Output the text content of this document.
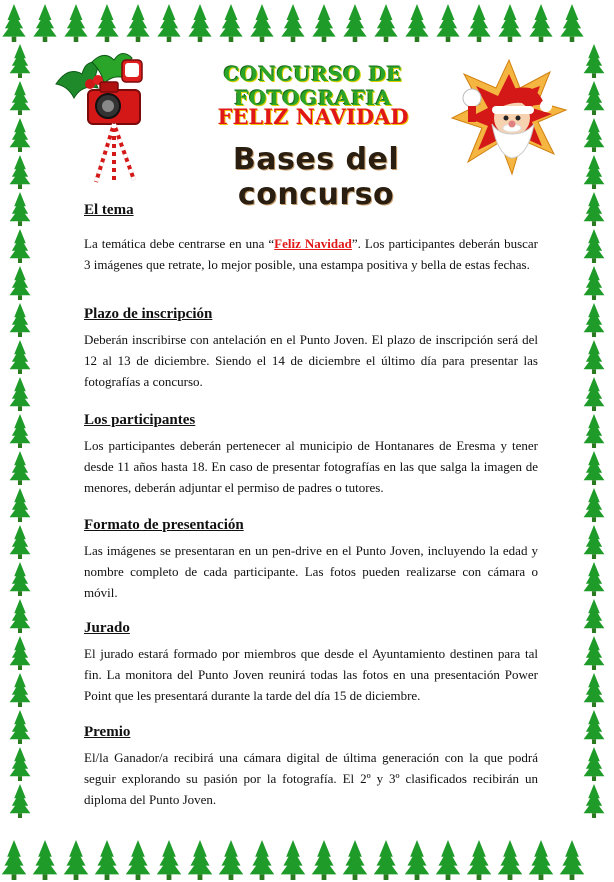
CONCURSO DE FOTOGRAFIA
FELIZ NAVIDAD
Bases del concurso
El tema

La temática debe centrarse en una “Feliz Navidad”. Los participantes deberán buscar 3 imágenes que retrate, lo mejor posible, una estampa positiva y bella de estas fechas.

Plazo de inscripción

Deberán inscribirse con antelación en el Punto Joven. El plazo de inscripción será del 12 al 13 de diciembre. Siendo el 14 de diciembre el último día para presentar las fotografías a concurso.

Los participantes

Los participantes deberán pertenecer al municipio de Hontanares de Eresma y tener desde 11 años hasta 18. En caso de presentar fotografías en las que salga la imagen de menores, deberán adjuntar el permiso de padres o tutores.

Formato de presentación

Las imágenes se presentaran en un pen-drive en el Punto Joven, incluyendo la edad y nombre completo de cada participante. Las fotos pueden realizarse con cámara o móvil.

Jurado

El jurado estará formado por miembros que desde el Ayuntamiento destinen para tal fin. La monitora del Punto Joven reunirá todas las fotos en una presentación Power Point que les presentará durante la tarde del día 15 de diciembre.

Premio

El/la Ganador/a recibirá una cámara digital de última generación con la que podrá seguir explorando su pasión por la fotografía. El 2º y 3º clasificados recibirán un diploma del Punto Joven.
